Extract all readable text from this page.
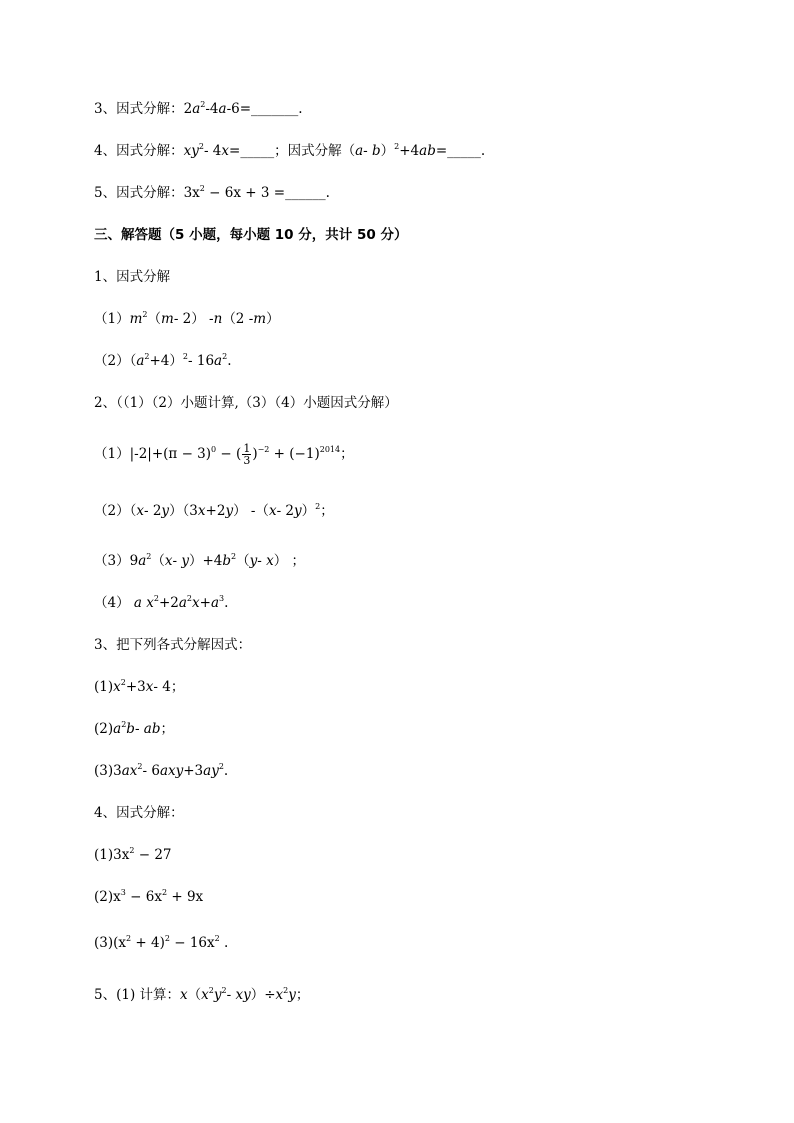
3、因式分解：$2a^2-4a-6=\_\_\_\_\_\_\_$.
4、因式分解：$xy^2-$ 4x=_____；因式分解（a- b）$^2$+4ab=_____.
5、因式分解：$3x^2 - 6x + 3$ =______.
三、解答题（5 小题，每小题 10 分，共计 50 分）
1、因式分解
$(1)m^2(m-$ 2） -n（2 -m）
$(2)(a^2+4)^2-$ $16a^2$.
2、（（1）（2）小题计算,（3）（4）小题因式分解）
$(1)|-2|+(\pi - 3)^0$ − ( $\frac{1}{3} )^{-2} + (-1)^{2014}$；
（2）（x- 2y）（3x+2y） -（x- 2y）$^2$；
$(3)9a^2(x-$ $y)+4b^2(y-$ x） ；
（4） a $x^2+2a^2x+a^3$.
3、把下列各式分解因式：
$(1)x^2+3x-$ 4；
$(2)a^2b-$ ab；
$(3)3ax^2-$ $6axy+3ay^2$.
4、因式分解：
$(1)3x^2 - 27$
$(2)x^3 - 6x^2 + 9x$
$(3)(x^2 + 4)^2 - 16x^2$ .
5、(1) 计算：$x(x^2y^2-$ $xy)\div x^2y$；
